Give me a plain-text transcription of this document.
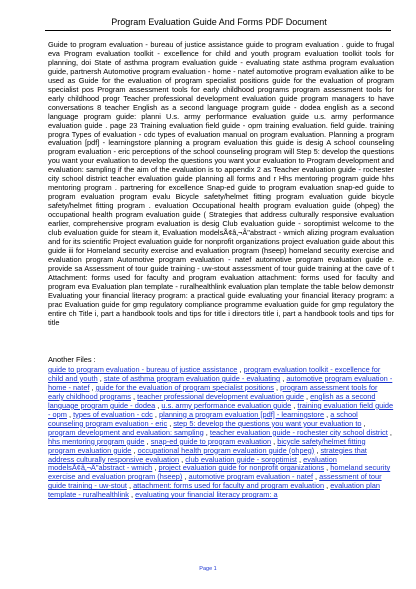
Program Evaluation Guide And Forms PDF Document
Guide to program evaluation - bureau of justice assistance guide to program evaluation . guide to frugal eva Program evaluation toolkit - excellence for child and youth program evaluation toolkit tools for planning, doi State of asthma program evaluation guide - evaluating state asthma program evaluation guide, partnersh Automotive program evaluation - home - natef automotive program evaluation alike to be used as Guide for the evaluation of program specialist positions guide for the evaluation of program specialist pos Program assessment tools for early childhood programs program assessment tools for early childhood progr Teacher professional development evaluation guide program managers to have conversations 8 teacher English as a second language program guide - dodea english as a second language program guide: planni U.s. army performance evaluation guide u.s. army performance evaluation guide . page 23 Training evaluation field guide - opm training evaluation. field guide. training progra Types of evaluation - cdc types of evaluation manual on program evaluation. Planning a program evaluation [pdf] - learningstore planning a program evaluation this guide is desig A school counseling program evaluation - eric perceptions of the school counseling program will Step 5: develop the questions you want your evaluation to develop the questions you want your evaluation to Program development and evaluation: sampling if the aim of the evaluation is to appendix 2 as Teacher evaluation guide - rochester city school district teacher evaluation guide planning all forms and r Hhs mentoring program guide hhs mentoring program . partnering for excellence Snap-ed guide to program evaluation snap-ed guide to program evaluation program evalu Bicycle safety/helmet fitting program evaluation guide bicycle safety/helmet fitting program . evaluation Occupational health program evaluation guide (ohpeg) the occupational health program evaluation guide ( Strategies that address culturally responsive evaluation earlier, comprehensive program evaluation is desig Club evaluation guide - soroptimist welcome to the club evaluation guide for steam it, Evaluation modelsÃ¢â‚¬Â"abstract - wmich alizing program evaluation and for its scientific Project evaluation guide for nonprofit organizations project evaluation guide about this guide iii for Homeland security exercise and evaluation program (hseep) homeland security exercise and evaluation program Automotive program evaluation - natef automotive program evaluation guide e. provide sa Assessment of tour guide training - uw-stout assessment of tour guide training at the cave of t Attachment: forms used for faculty and program evaluation attachment: forms used for faculty and program eva Evaluation plan template - ruralhealthlink evaluation plan template the table below demonstr Evaluating your financial literacy program: a practical guide evaluating your financial literacy program: a prac Evaluation guide for gmp regulatory compliance programme evaluation guide for gmp regulatory the entire ch Title i, part a handbook tools and tips for title i directors title i, part a handbook tools and tips for title
Another Files :
guide to program evaluation - bureau of justice assistance , program evaluation toolkit - excellence for child and youth , state of asthma program evaluation guide - evaluating , automotive program evaluation - home - natef , guide for the evaluation of program specialist positions , program assessment tools for early childhood programs , teacher professional development evaluation guide , english as a second language program guide - dodea , u.s. army performance evaluation guide , training evaluation field guide - opm , types of evaluation - cdc , planning a program evaluation [pdf] - learningstore , a school counseling program evaluation - eric , step 5: develop the questions you want your evaluation to , program development and evaluation: sampling , teacher evaluation guide - rochester city school district , hhs mentoring program guide , snap-ed guide to program evaluation , bicycle safety/helmet fitting program evaluation guide , occupational health program evaluation guide (ohpeg) , strategies that address culturally responsive evaluation , club evaluation guide - soroptimist , evaluation modelsÃ¢â‚¬Â"abstract - wmich , project evaluation guide for nonprofit organizations , homeland security exercise and evaluation program (hseep) , automotive program evaluation - natef , assessment of tour guide training - uw-stout , attachment: forms used for faculty and program evaluation , evaluation plan template - ruralhealthlink , evaluating your financial literacy program: a
Page 1
